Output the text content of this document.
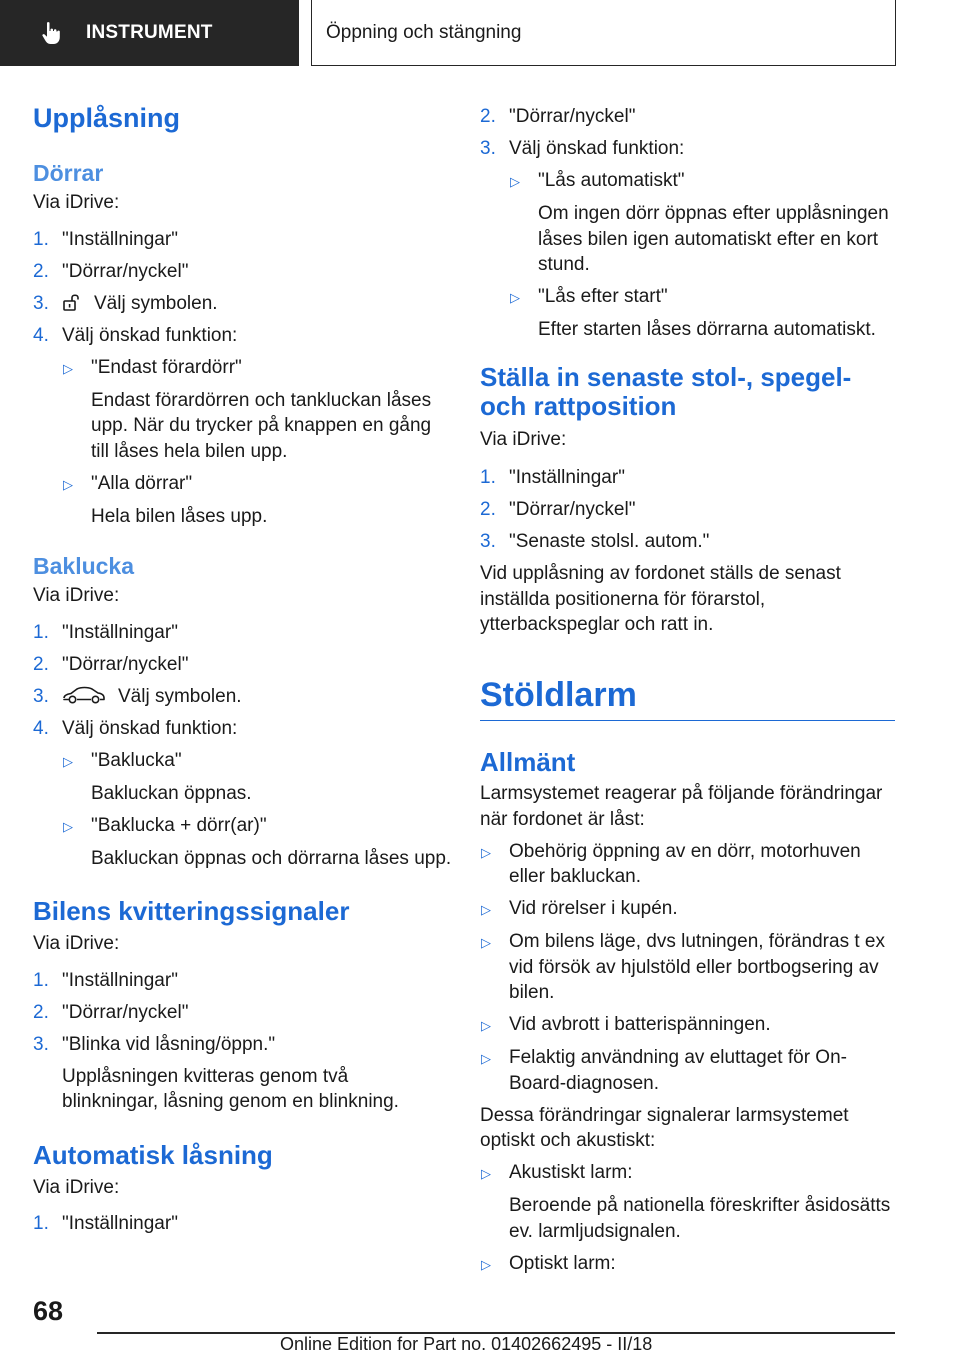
INSTRUMENT	Öppning och stängning
Upplåsning
Dörrar
Via iDrive:
1. "Inställningar"
2. "Dörrar/nyckel"
3.	Välj symbolen.
4. Välj önskad funktion:
▷ "Endast förardörr"
Endast förardörren och tankluckan låses upp. När du trycker på knappen en gång till låses hela bilen upp.
▷ "Alla dörrar"
Hela bilen låses upp.
Baklucka
Via iDrive:
1. "Inställningar"
2. "Dörrar/nyckel"
3.	Välj symbolen.
4. Välj önskad funktion:
▷ "Baklucka"
Bakluckan öppnas.
▷ "Baklucka + dörr(ar)"
Bakluckan öppnas och dörrarna låses upp.
Bilens kvitteringssignaler
Via iDrive:
1. "Inställningar"
2. "Dörrar/nyckel"
3. "Blinka vid låsning/öppn."
Upplåsningen kvitteras genom två blinkningar, låsning genom en blinkning.
Automatisk låsning
Via iDrive:
1. "Inställningar"
2. "Dörrar/nyckel"
3. Välj önskad funktion:
▷ "Lås automatiskt"
Om ingen dörr öppnas efter upplåsningen låses bilen igen automatiskt efter en kort stund.
▷ "Lås efter start"
Efter starten låses dörrarna automatiskt.
Ställa in senaste stol-, spegel- och rattposition
Via iDrive:
1. "Inställningar"
2. "Dörrar/nyckel"
3. "Senaste stolsl. autom."
Vid upplåsning av fordonet ställs de senast inställda positionerna för förarstol, ytterbackspeglar och ratt in.
Stöldlarm
Allmänt
Larmsystemet reagerar på följande förändringar när fordonet är låst:
▷ Obehörig öppning av en dörr, motorhuven eller bakluckan.
▷ Vid rörelser i kupén.
▷ Om bilens läge, dvs lutningen, förändras t ex vid försök av hjulstöld eller bortbogsering av bilen.
▷ Vid avbrott i batterispänningen.
▷ Felaktig användning av eluttaget för On-Board-diagnosen.
Dessa förändringar signalerar larmsystemet optiskt och akustiskt:
▷ Akustiskt larm:
Beroende på nationella föreskrifter åsidosätts ev. larmljudsignalen.
▷ Optiskt larm:
68
Online Edition for Part no. 01402662495 - II/18
